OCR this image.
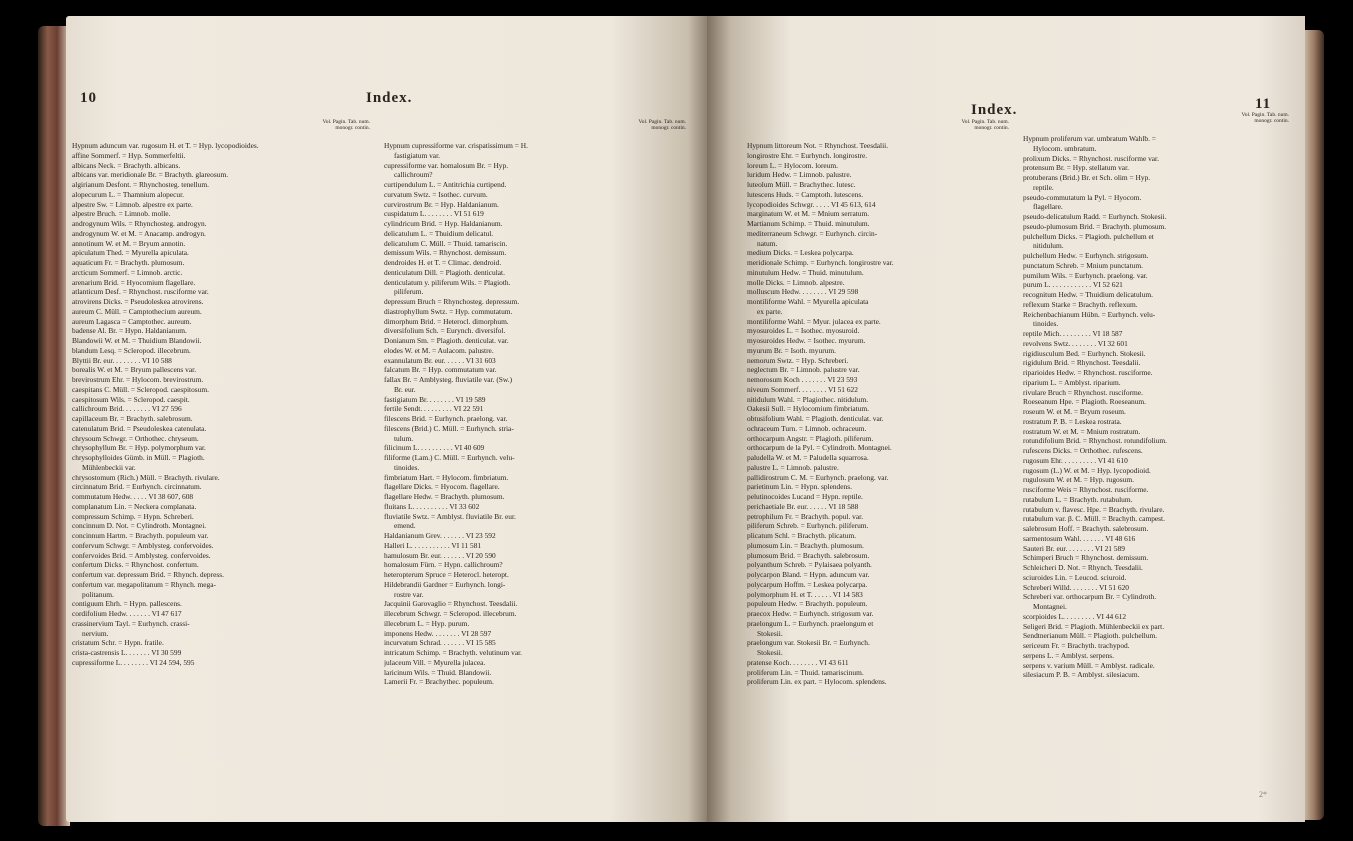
10	Index.
Vol. Pagin. Tab. num. monogr. contin.
Hypnum aduncum var. rugosum H. et T. = Hyp. lycopodioides.
affine Sommerf. = Hyp. Sommerfeltii.
albicans Neck. = Brachyth. albicans.
albicans var. meridionale Br. = Brachyth. glareosum.
algirianum Desfont. = Rhynchosteg. tenellum.
alopecurum L. = Thamnium alopecur.
alpestre Sw. = Limnob. alpestre ex parte.
alpestre Bruch. = Limnob. molle.
androgynum Wils. = Rhynchosteg. androgyn.
androgynum W. et M. = Anacamp. androgyn.
annotinum W. et M. = Bryum annotin.
apiculatum Thed. = Myurella apiculata.
aquaticum Fr. = Brachyth. plumosum.
arcticum Sommerf. = Limnob. arctic.
arenarium Brid. = Hyocomium flagellare.
atlanticum Desf. = Rhynchost. rusciforme var.
atrovirens Dicks. = Pseudoleskea atrovirens.
aureum C. Müll. = Camptothecium aureum.
aureum Lagasca = Camptothec. aureum.
badense Al. Br. = Hypn. Haldanianum.
Blandowii W. et M. = Thuidium Blandowii.
blandum Lesq. = Scleropod. illecebrum.
Blyttii Br. eur. . . . . . . . VI 10 588
borealis W. et M. = Bryum pallescens var.
brevirostrum Ehr. = Hylocom. brevirostrum.
caespitans C. Müll. = Scleropod. caespitosum.
caespitosum Wils. = Scleropod. caespit.
callichroum Brid. . . . . . . . VI 27 596
capillaceum Br. = Brachyth. salebrosum.
catenulatum Brid. = Pseudoleskea catenulata.
chrysoum Schwgr. = Orthothec. chryseum.
chrysophyllum Br. = Hyp. polymorphum var.
chrysophylloides Gümb. in Müll. = Plagioth.
Mühlenbeckii var.
chrysostomum (Rich.) Müll. = Brachyth. rivulare.
circinnatum Brid. = Eurhynch. circinnatum.
commutatum Hedw. . . . . VI 38 607, 608
complanatum Lin. = Neckera complanata.
compressum Schimp. = Hypn. Schreberi.
concinnum D. Not. = Cylindroth. Montagnei.
concinnum Hartm. = Brachyth. populeum var.
confervum Schwgr. = Amblysteg. confervoides.
confervoides Brid. = Amblysteg. confervoides.
confertum Dicks. = Rhynchost. confertum.
confertum var. depressum Brid. = Rhynch. depress.
confertum var. megapolitanum = Rhynch. mega-
politanum.
contiguum Ehrh. = Hypn. pallescens.
cordifolium Hedw. . . . . . . VI 47 617
crassinervium Tayl. = Eurhynch. crassi-
nervium.
cristatum Schr. = Hypn. fratile.
crista-castrensis L. . . . . . . VI 30 599
cupressiforme L. . . . . . . . VI 24 594, 595
Vol. Pagin. Tab. num. monogr. contin.
Hypnum cupressiforme var. crispatissimum = H.
fastigiatum var.
cupressiforme var. homalosum Br. = Hyp.
callichroum?
curtipendulum L. = Antitrichia curtipend.
curvatum Swtz. = Isothec. curvum.
curvirostrum Br. = Hyp. Haldanianum.
cuspidatum L. . . . . . . . VI 51 619
cylindricum Brid. = Hyp. Haldanianum.
delicatulum L. = Thuidium delicatul.
delicatulum C. Müll. = Thuid. tamariscin.
demissum Wils. = Rhynchost. demissum.
dendroides H. et T. = Climac. dendroid.
denticulatum Dill. = Plagioth. denticulat.
denticulatum y. piliferum Wils. = Plagioth.
piliferum.
depressum Bruch = Rhynchosteg. depressum.
diastrophyllum Swtz. = Hyp. commutatum.
dimorphum Brid. = Heterocl. dimorphum.
diversifolium Sch. = Eurynch. diversifol.
Donianum Sm. = Plagioth. denticulat. var.
elodes W. et M. = Aulacom. palustre.
exannulatum Br. eur. . . . . . VI 31 603
falcatum Br. = Hyp. commutatum var.
fallax Br. = Amblysteg. fluviatile var. (Sw.)
Br. eur.
fastigiatum Br. . . . . . . . VI 19 589
fertile Sendt. . . . . . . . . VI 22 591
filescens Brid. = Eurhynch. praelong. var.
filescens (Brid.) C. Müll. = Eurhynch. stria-
tulum.
filicinum L. . . . . . . . . . VI 40 609
filiforme (Lam.) C. Müll. = Eurhynch. velu-
tinoides.
fimbriatum Hart. = Hylocom. fimbriatum.
flagellare Dicks. = Hyocom. flagellare.
flagellare Hedw. = Brachyth. plumosum.
fluitans L. . . . . . . . . . VI 33 602
fluviatile Swtz. = Amblyst. fluviatile Br. eur.
emend.
Haldanianum Grev. . . . . . . VI 23 592
Halleri L. . . . . . . . . . . VI 11 581
hamulosum Br. eur. . . . . . . VI 20 590
homalosum Fürn. = Hypn. callichroum?
heteropterum Spruce = Heterocl. heteropt.
Hildebrandii Gardner = Eurhynch. longi-
rostre var.
Jacquinii Garovaglio = Rhynchost. Teesdalii.
illecebrum Schwgr. = Scleropod. illecebrum.
illecebrum L. = Hyp. purum.
imponens Hedw. . . . . . . . VI 28 597
incurvatum Schrad. . . . . . . VI 15 585
intricatum Schimp. = Brachyth. velutinum var.
julaceum Vill. = Myurella julacea.
laricinum Wils. = Thuid. Blandowii.
Lamerii Fr. = Brachythec. populeum.
Index.	11
Vol. Pagin. Tab. num. monogr. contin.
Hypnum littoreum Not. = Rhynchost. Teesdalii.
longirostre Ehr. = Eurhynch. longirostre.
loreum L. = Hylocom. loreum.
luridum Hedw. = Limnob. palustre.
luteolum Müll. = Brachythec. lutesc.
lutescens Huds. = Camptoth. lutescens.
lycopodioides Schwgr. . . . . VI 45 613, 614
marginatum W. et M. = Mnium serratum.
Martianum Schimp. = Thuid. minutulum.
mediterraneum Schwgr. = Eurhynch. circin-
natum.
medium Dicks. = Leskea polycarpa.
meridionale Schimp. = Eurhynch. longirostre var.
minutulum Hedw. = Thuid. minutulum.
molle Dicks. = Limnob. alpestre.
molluscum Hedw. . . . . . . . VI 29 598
montiliforme Wahl. = Myurella apiculata
ex parte.
montiliforme Wahl. = Myur. julacea ex parte.
myosuroides L. = Isothec. myosuroid.
myosuroides Hedw. = Isothec. myurum.
myurum Br. = Isoth. myurum.
nemorum Swtz. = Hyp. Schreberi.
neglectum Br. = Limnob. palustre var.
nemorosum Koch . . . . . . . VI 23 593
niveum Sommerf. . . . . . . . VI 51 622
nitidulum Wahl. = Plagiothec. nitidulum.
Oakesii Sull. = Hylocomium fimbriatum.
obtusifolium Wahl. = Plagioth. denticulat. var.
ochraceum Turn. = Limnob. ochraceum.
orthocarpum Angstr. = Plagioth. piliferum.
orthocarpum de la Pyl. = Cylindroth. Montagnei.
paludella W. et M. = Paludella squarrosa.
palustre L. = Limnob. palustre.
pallidirostrum C. M. = Eurhynch. praelong. var.
parietinum Lin. = Hypn. splendens.
pelutinocoides Lucand = Hypn. reptile.
perichaetiale Br. eur. . . . . . VI 18 588
petrophilum Fr. = Brachyth. popul. var.
piliferum Schreb. = Eurhynch. piliferum.
plicatum Schl. = Brachyth. plicatum.
plumosum Lin. = Brachyth. plumosum.
plumosum Brid. = Brachyth. salebrosum.
polyanthum Schreb. = Pylaisaea polyanth.
polycarpon Bland. = Hypn. aduncum var.
polycarpum Hoffm. = Leskea polycarpa.
polymorphum H. et T. . . . . . VI 14 583
populeum Hedw. = Brachyth. populeum.
praecox Hedw. = Eurhynch. strigosum var.
praelongum L. = Eurhynch. praelongum et
Stokesii.
praelongum var. Stokesii Br. = Eurhynch.
Stokesii.
pratense Koch. . . . . . . . VI 43 611
proliferum Lin. = Thuid. tamariscinum.
proliferum Lin. ex part. = Hylocom. splendens.
Vol. Pagin. Tab. num. monogr. contin.
Hypnum proliferum var. umbratum Wahlb. =
Hylocom. umbratum.
prolixum Dicks. = Rhynchost. rusciforme var.
protensum Br. = Hyp. stellatum var.
protuberans (Brid.) Br. et Sch. olim = Hyp.
reptile.
pseudo-commutatum la Pyl. = Hyocom.
flagellare.
pseudo-delicatulum Radd. = Eurhynch. Stokesii.
pseudo-plumosum Brid. = Brachyth. plumosum.
pulchellum Dicks. = Plagioth. pulchellum et
nitidulum.
pulchellum Hedw. = Eurhynch. strigosum.
punctatum Schreb. = Mnium punctatum.
pumilum Wils. = Eurhynch. praelong. var.
purum L. . . . . . . . . . . . VI 52 621
recognitum Hedw. = Thuidium delicatulum.
reflexum Starke = Brachyth. reflexum.
Reichenbachianum Hübn. = Eurhynch. velu-
tinoides.
reptile Mich. . . . . . . . . VI 18 587
revolvens Swtz. . . . . . . . VI 32 601
rigidiusculum Bed. = Eurhynch. Stokesii.
rigidulum Brid. = Rhynchost. Teesdalii.
riparioides Hedw. = Rhynchost. rusciforme.
riparium L. = Amblyst. riparium.
rivulare Bruch = Rhynchost. rusciforme.
Roeseanum Hpe. = Plagioth. Roeseanum.
roseum W. et M. = Bryum roseum.
rostratum P. B. = Leskea rostrata.
rostratum W. et M. = Mnium rostratum.
rotundifolium Brid. = Rhynchost. rotundifolium.
rufescens Dicks. = Orthothec. rufescens.
rugosum Ehr. . . . . . . . . . VI 41 610
rugosum (L.) W. et M. = Hyp. lycopodioid.
rugulosum W. et M. = Hyp. rugosum.
rusciforme Weis = Rhynchost. rusciforme.
rutabulum L. = Brachyth. rutabulum.
rutabulum v. flavesc. Hpe. = Brachyth. rivulare.
rutabulum var. β. C. Müll. = Brachyth. campest.
salebrosum Hoff. = Brachyth. salebrosum.
sarmentosum Wahl. . . . . . . VI 48 616
Sauteri Br. eur. . . . . . . . VI 21 589
Schimperi Bruch = Rhynchost. demissum.
Schleicheri D. Not. = Rhynch. Teesdalii.
sciuroides Lin. = Leucod. sciuroid.
Schreberi Willd. . . . . . . . VI 51 620
Schreberi var. orthocarpum Br. = Cylindroth.
Montagnei.
scorpioides L. . . . . . . . . VI 44 612
Seligeri Brid. = Plagioth. Mühlenbeckii ex part.
Sendtnerianum Müll. = Plagioth. pulchellum.
sericeum Fr. = Brachyth. trachypod.
serpens L. = Amblyst. serpens.
serpens v. varium Müll. = Amblyst. radicale.
silesiacum P. B. = Amblyst. silesiacum.
2*
